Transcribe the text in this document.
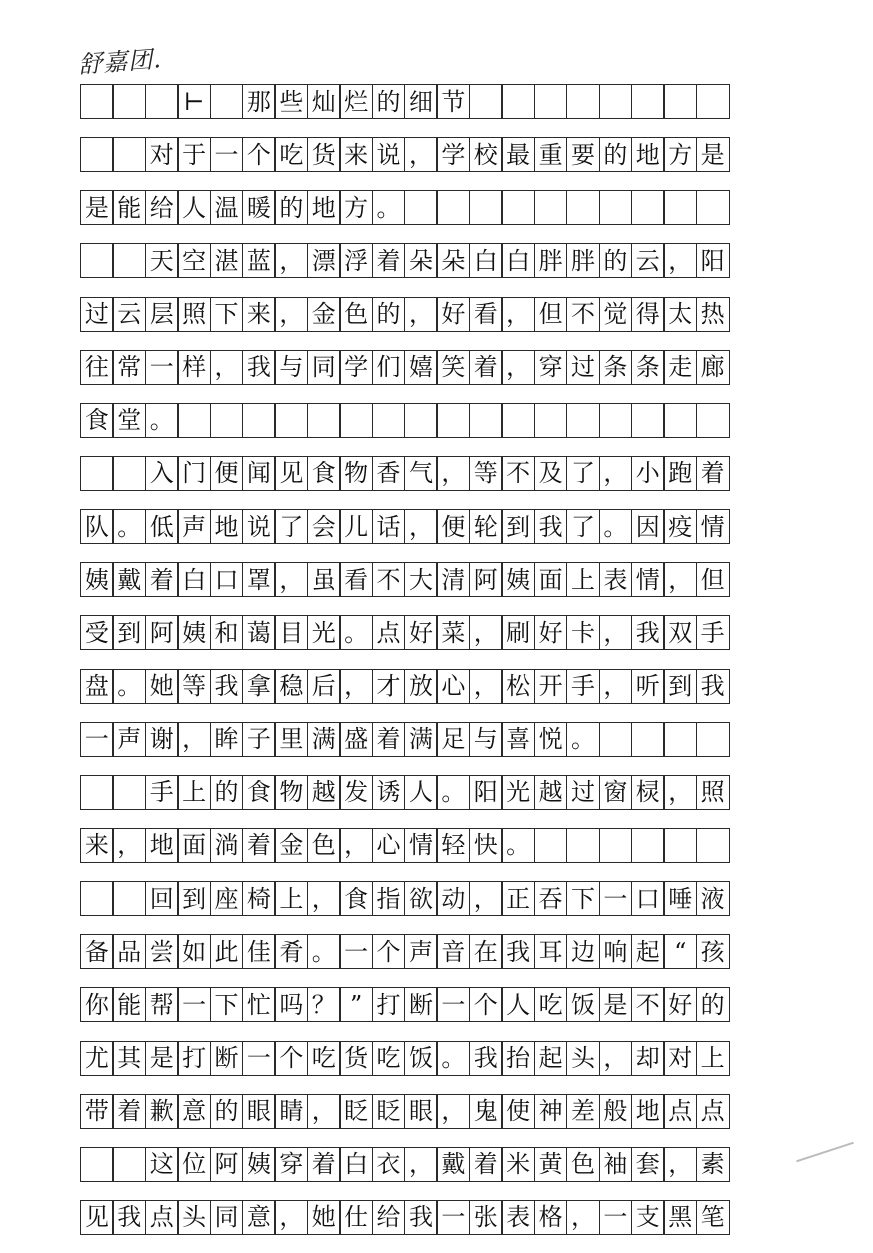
舒嘉团.
⊢ 那 些 灿 烂 的 细 节
对 于 一 个 吃 货 来 说 ， 学 校 最 重 要 的 地 方 是
是 能 给 人 温 暖 的 地 方 。
天 空 湛 蓝 ， 漂 浮 着 朵 朵 白 白 胖 胖 的 云 ， 阳
过 云 层 照 下 来 ， 金 色 的 ， 好 看 ， 但 不 觉 得 太 热
往 常 一 样 ， 我 与 同 学 们 嬉 笑 着 ， 穿 过 条 条 走 廊
食 堂 。
入 门 便 闻 见 食 物 香 气 ， 等 不 及 了 ， 小 跑 着
队 。 低 声 地 说 了 会 儿 话 ， 便 轮 到 我 了 。 因 疫 情
姨 戴 着 白 口 罩 ， 虽 看 不 大 清 阿 姨 面 上 表 情 ， 但
受 到 阿 姨 和 蔼 目 光 。 点 好 菜 ， 刷 好 卡 ， 我 双 手
盘 。 她 等 我 拿 稳 后 ， 才 放 心 ， 松 开 手 ， 听 到 我
一 声 谢 ， 眸 子 里 满 盛 着 满 足 与 喜 悦 。
手 上 的 食 物 越 发 诱 人 。 阳 光 越 过 窗 棂 ， 照
来 ， 地 面 淌 着 金 色 ， 心 情 轻 快 。
回 到 座 椅 上 ， 食 指 欲 动 ， 正 吞 下 一 口 唾 液
备 品 尝 如 此 佳 肴 。 一 个 声 音 在 我 耳 边 响 起 “ 孩
你 能 帮 一 下 忙 吗 ？ ” 打 断 一 个 人 吃 饭 是 不 好 的
尤 其 是 打 断 一 个 吃 货 吃 饭 。 我 抬 起 头 ， 却 对 上
带 着 歉 意 的 眼 睛 ， 眨 眨 眼 ， 鬼 使 神 差 般 地 点 点
这 位 阿 姨 穿 着 白 衣 ， 戴 着 米 黄 色 袖 套 ， 素
见 我 点 头 同 意 ， 她 仕 给 我 一 张 表 格 ， 一 支 黑 笔
